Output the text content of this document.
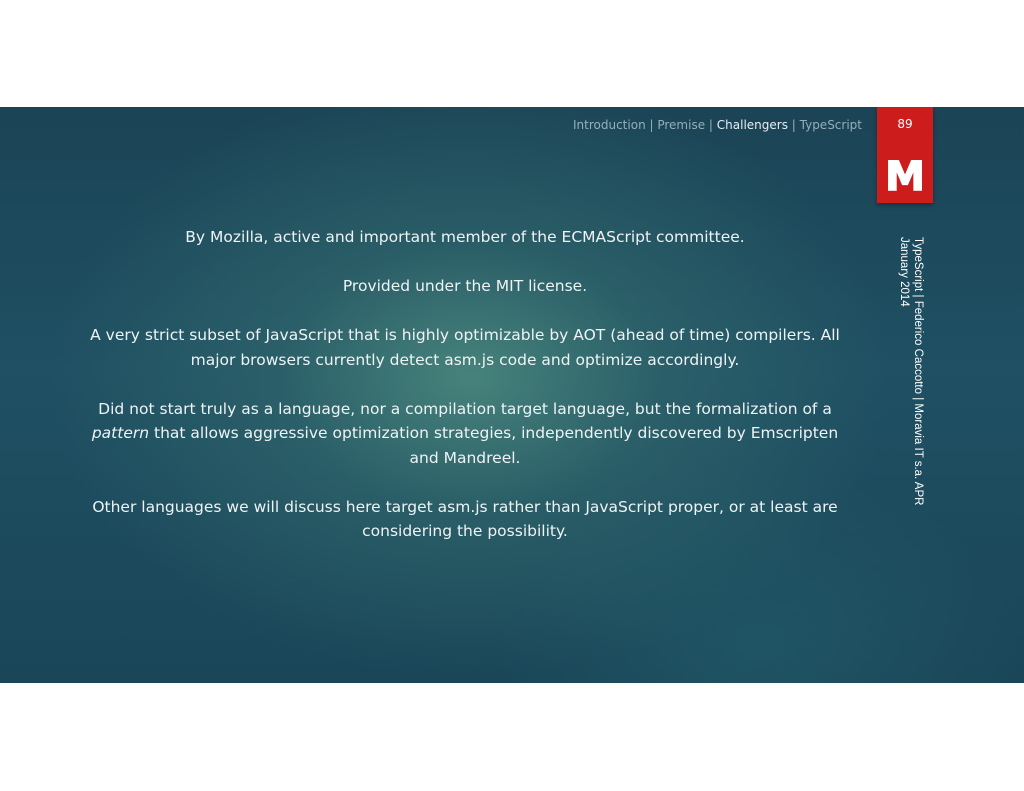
Introduction | Premise | Challengers | TypeScript	89
M
TypeScript | Federico Caccotto | Moravia IT s.a. APR
January 2014

By Mozilla, active and important member of the ECMAScript committee.

Provided under the MIT license.

A very strict subset of JavaScript that is highly optimizable by AOT (ahead of time) compilers. All major browsers currently detect asm.js code and optimize accordingly.

Did not start truly as a language, nor a compilation target language, but the formalization of a pattern that allows aggressive optimization strategies, independently discovered by Emscripten and Mandreel.

Other languages we will discuss here target asm.js rather than JavaScript proper, or at least are considering the possibility.
